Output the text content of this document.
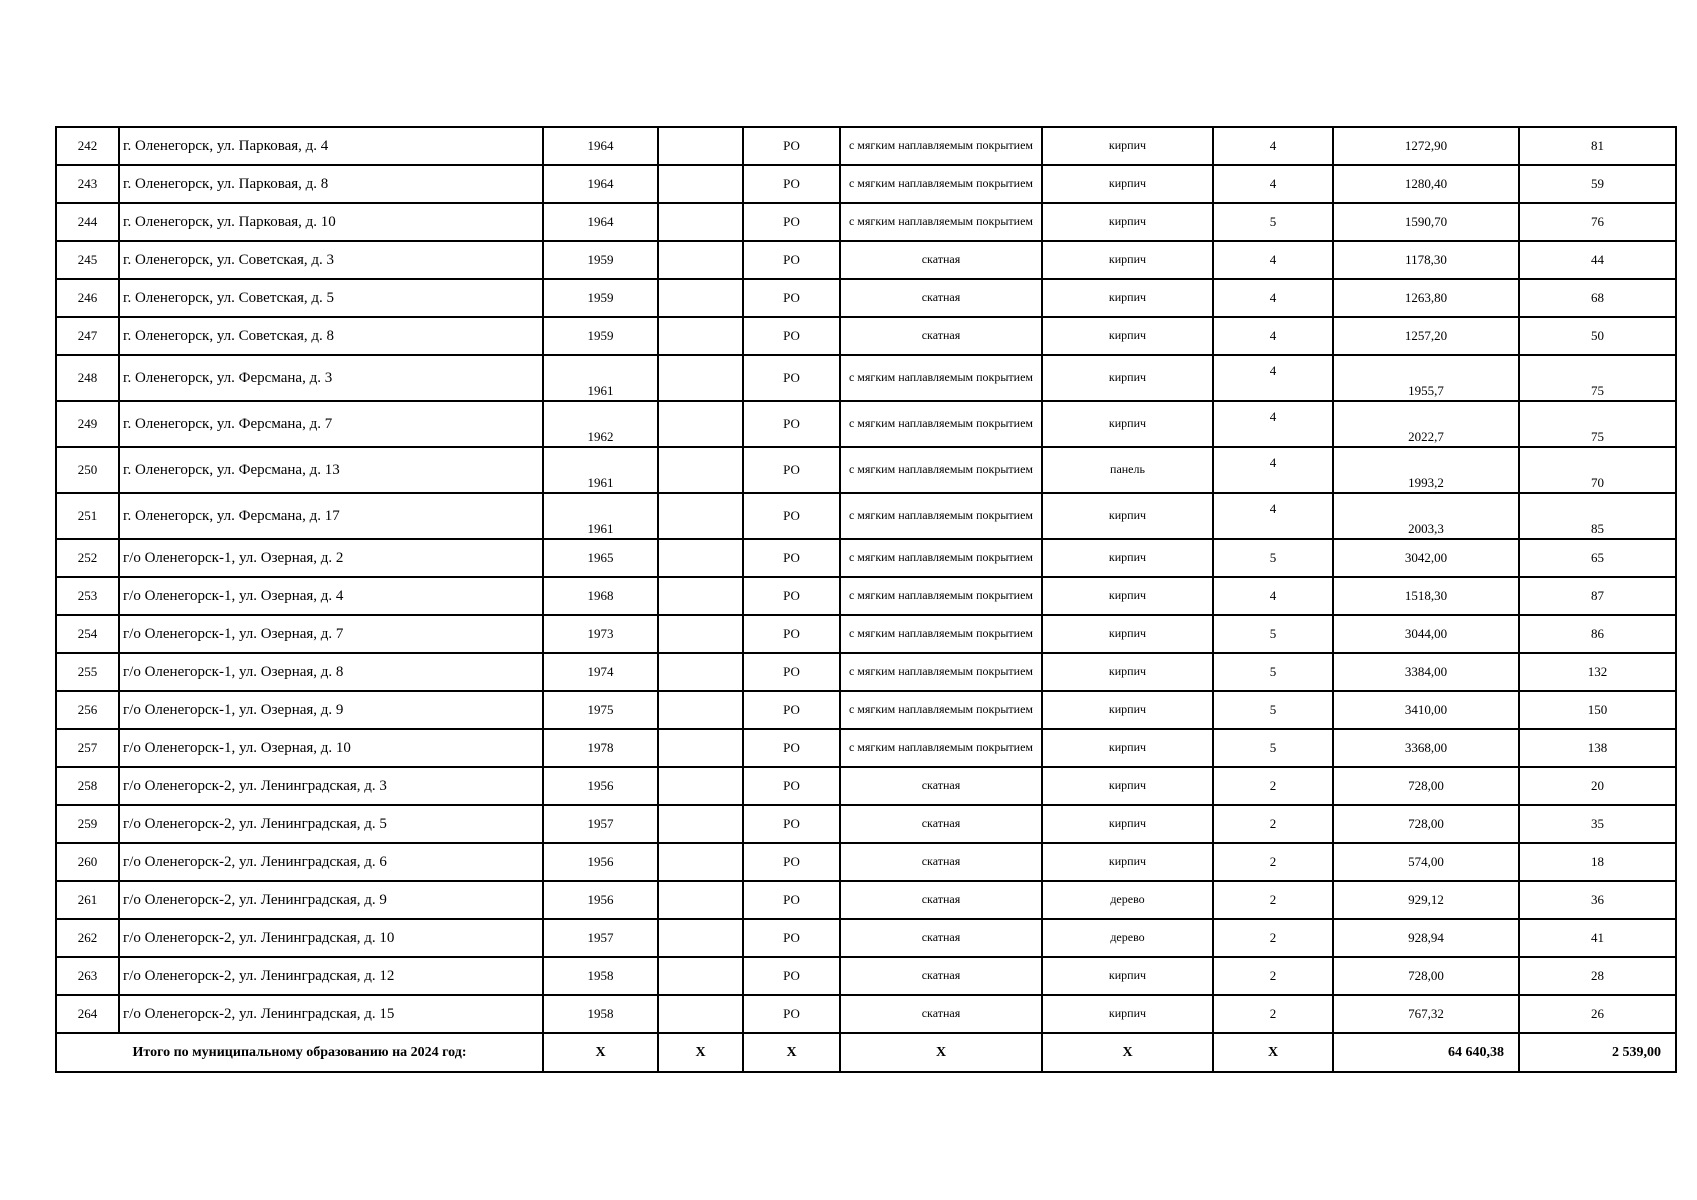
242	г. Оленегорск, ул. Парковая, д. 4	1964		РО	с мягким наплавляемым покрытием	кирпич	4	1272,90	81
243	г. Оленегорск, ул. Парковая, д. 8	1964		РО	с мягким наплавляемым покрытием	кирпич	4	1280,40	59
244	г. Оленегорск, ул. Парковая, д. 10	1964		РО	с мягким наплавляемым покрытием	кирпич	5	1590,70	76
245	г. Оленегорск, ул. Советская, д. 3	1959		РО	скатная	кирпич	4	1178,30	44
246	г. Оленегорск, ул. Советская, д. 5	1959		РО	скатная	кирпич	4	1263,80	68
247	г. Оленегорск, ул. Советская, д. 8	1959		РО	скатная	кирпич	4	1257,20	50
248	г. Оленегорск, ул. Ферсмана, д. 3	1961		РО	с мягким наплавляемым покрытием	кирпич	4	1955,7	75
249	г. Оленегорск, ул. Ферсмана, д. 7	1962		РО	с мягким наплавляемым покрытием	кирпич	4	2022,7	75
250	г. Оленегорск, ул. Ферсмана, д. 13	1961		РО	с мягким наплавляемым покрытием	панель	4	1993,2	70
251	г. Оленегорск, ул. Ферсмана, д. 17	1961		РО	с мягким наплавляемым покрытием	кирпич	4	2003,3	85
252	г/о Оленегорск-1, ул. Озерная, д. 2	1965		РО	с мягким наплавляемым покрытием	кирпич	5	3042,00	65
253	г/о Оленегорск-1, ул. Озерная, д. 4	1968		РО	с мягким наплавляемым покрытием	кирпич	4	1518,30	87
254	г/о Оленегорск-1, ул. Озерная, д. 7	1973		РО	с мягким наплавляемым покрытием	кирпич	5	3044,00	86
255	г/о Оленегорск-1, ул. Озерная, д. 8	1974		РО	с мягким наплавляемым покрытием	кирпич	5	3384,00	132
256	г/о Оленегорск-1, ул. Озерная, д. 9	1975		РО	с мягким наплавляемым покрытием	кирпич	5	3410,00	150
257	г/о Оленегорск-1, ул. Озерная, д. 10	1978		РО	с мягким наплавляемым покрытием	кирпич	5	3368,00	138
258	г/о Оленегорск-2, ул. Ленинградская, д. 3	1956		РО	скатная	кирпич	2	728,00	20
259	г/о Оленегорск-2, ул. Ленинградская, д. 5	1957		РО	скатная	кирпич	2	728,00	35
260	г/о Оленегорск-2, ул. Ленинградская, д. 6	1956		РО	скатная	кирпич	2	574,00	18
261	г/о Оленегорск-2, ул. Ленинградская, д. 9	1956		РО	скатная	дерево	2	929,12	36
262	г/о Оленегорск-2, ул. Ленинградская, д. 10	1957		РО	скатная	дерево	2	928,94	41
263	г/о Оленегорск-2, ул. Ленинградская, д. 12	1958		РО	скатная	кирпич	2	728,00	28
264	г/о Оленегорск-2, ул. Ленинградская, д. 15	1958		РО	скатная	кирпич	2	767,32	26
Итого по муниципальному образованию на 2024 год:		X	X	X	X	X	X	64 640,38	2 539,00
